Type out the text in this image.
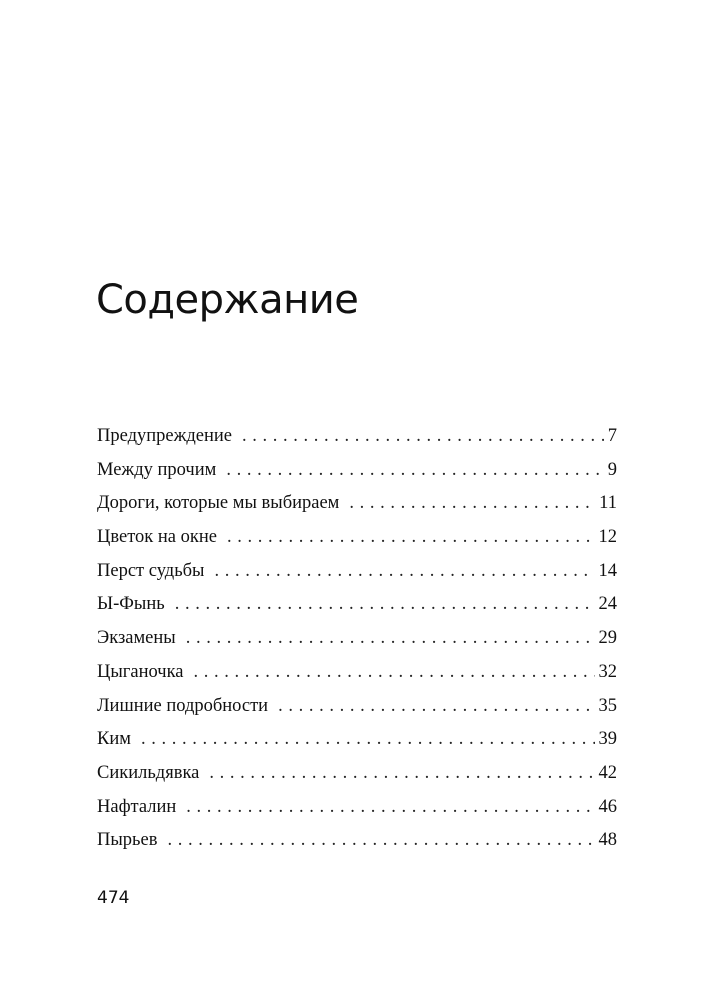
Содержание
Предупреждение . . .	7
Между прочим . . .	9
Дороги, которые мы выбираем . . .	11
Цветок на окне . . .	12
Перст судьбы . . .	14
Ы-Фынь . . .	24
Экзамены . . .	29
Цыганочка . . .	32
Лишние подробности . . .	35
Ким . . .	39
Сикильдявка . . .	42
Нафталин . . .	46
Пырьев . . .	48

474
